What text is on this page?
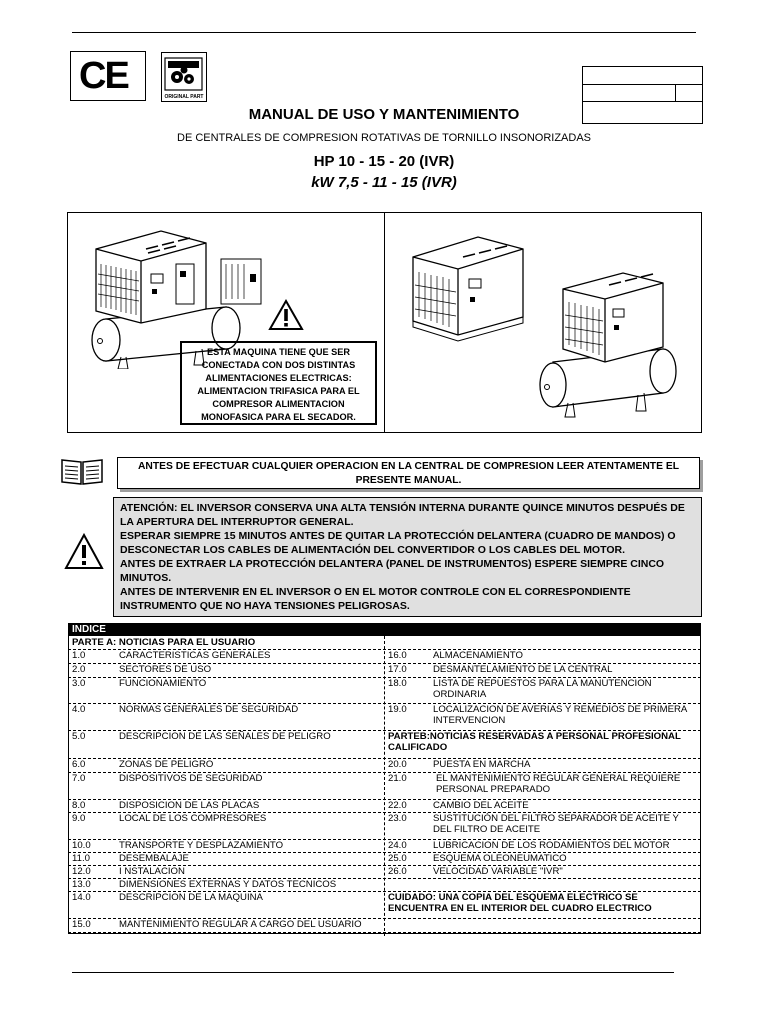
CE	ORIGINAL PART
MANUAL DE USO Y MANTENIMIENTO
DE CENTRALES DE COMPRESION ROTATIVAS DE TORNILLO INSONORIZADAS
HP 10 - 15 - 20 (IVR)
kW 7,5 - 11 - 15 (IVR)
ESTA MAQUINA TIENE QUE SER CONECTADA CON DOS DISTINTAS ALIMENTACIONES ELECTRICAS: ALIMENTACION TRIFASICA PARA EL COMPRESOR ALIMENTACION MONOFASICA PARA EL SECADOR.
ANTES DE EFECTUAR CUALQUIER OPERACION EN LA CENTRAL DE COMPRESION LEER ATENTAMENTE EL PRESENTE MANUAL.

ATENCIÓN: EL INVERSOR CONSERVA UNA ALTA TENSIÓN INTERNA DURANTE QUINCE MINUTOS DESPUÉS DE LA APERTURA DEL INTERRUPTOR GENERAL.

ESPERAR SIEMPRE 15 MINUTOS ANTES DE QUITAR LA PROTECCIÓN DELANTERA (CUADRO DE MANDOS) O DESCONECTAR LOS CABLES DE ALIMENTACIÓN DEL CONVERTIDOR O LOS CABLES DEL MOTOR.

ANTES DE EXTRAER LA PROTECCIÓN DELANTERA (PANEL DE INSTRUMENTOS) ESPERE SIEMPRE CINCO MINUTOS.

ANTES DE INTERVENIR EN EL INVERSOR O EN EL MOTOR CONTROLE CON EL CORRESPONDIENTE INSTRUMENTO QUE NO HAYA TENSIONES PELIGROSAS.

INDICE
PARTE A: NOTICIAS PARA EL USUARIO
1.0	CARACTERISTICAS GENERALES	16.0	ALMACENAMIENTO
2.0	SECTORES DE USO	17.0	DESMANTELAMIENTO DE LA CENTRAL
3.0	FUNCIONAMIENTO	18.0	LISTA DE REPUESTOS PARA LA MANUTENCION ORDINARIA
4.0	NORMAS GENERALES DE SEGURIDAD	19.0	LOCALIZACION DE AVERIAS Y REMEDIOS DE PRIMERA INTERVENCION
5.0	DESCRIPCION DE LAS SEÑALES DE PELIGRO	PARTEB:NOTICIAS RESERVADAS A PERSONAL PROFESIONAL CALIFICADO
6.0	ZONAS DE PELIGRO	20.0	PUESTA EN MARCHA
7.0	DISPOSITIVOS DE SEGURIDAD	21.0	EL MANTENIMIENTO REGULAR GENERAL REQUIERE PERSONAL PREPARADO
8.0	DISPOSICION DE LAS PLACAS	22.0	CAMBIO DEL ACEITE
9.0	LOCAL DE LOS COMPRESORES	23.0	SUSTITUCIÓN DEL FILTRO SEPARADOR DE ACEITE Y DEL FILTRO DE ACEITE
10.0	TRANSPORTE Y DESPLAZAMIENTO	24.0	LUBRICACION DE LOS RODAMIENTOS DEL MOTOR
11.0	DESEMBALAJE	25.0	ESQUEMA OLEONEUMATICO
12.0	I NSTALACION	26.0	VELOCIDAD VARIABLE "IVR"
13.0	DIMENSIONES EXTERNAS Y DATOS TECNICOS
14.0	DESCRIPCION DE LA MAQUINA	CUIDADO: UNA COPIA DEL ESQUEMA ELECTRICO SE ENCUENTRA EN EL INTERIOR DEL CUADRO ELECTRICO
15.0	MANTENIMIENTO REGULAR A CARGO DEL USUARIO
